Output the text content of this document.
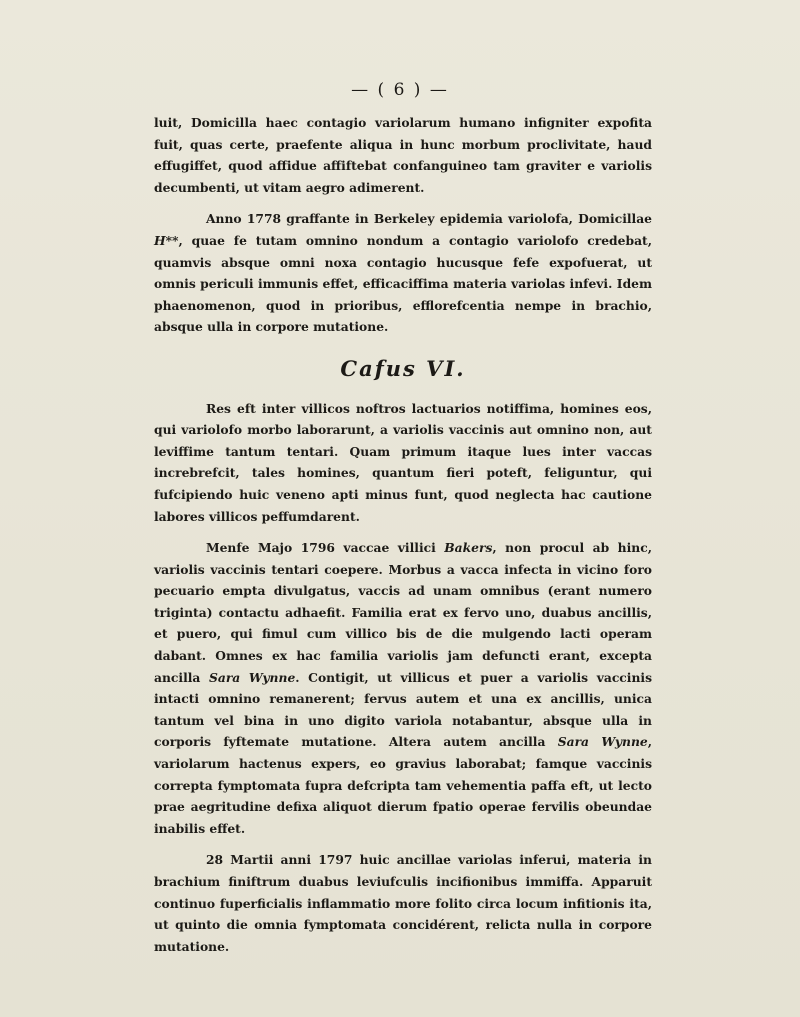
— ( 6 ) —

luit, Domicilla haec contagio variolarum humano infigniter expofita fuit, quas certe, praefente aliqua in hunc morbum proclivitate, haud effugiffet, quod affidue affiftebat confanguineo tam graviter e variolis decumbenti, ut vitam aegro adimerent.

Anno 1778 graffante in Berkeley epidemia variolofa, Domicillae H**, quae fe tutam omnino nondum a contagio variolofo credebat, quamvis absque omni noxa contagio hucusque fefe expofuerat, ut omnis periculi immunis effet, efficaciffima materia variolas infevi. Idem phaenomenon, quod in prioribus, efflorefcentia nempe in brachio, absque ulla in corpore mutatione.

Cafus VI.

Res eft inter villicos noftros lactuarios notiffima, homines eos, qui variolofo morbo laborarunt, a variolis vaccinis aut omnino non, aut leviffime tantum tentari. Quam primum itaque lues inter vaccas increbrefcit, tales homines, quantum fieri poteft, feliguntur, qui fufcipiendo huic veneno apti minus funt, quod neglecta hac cautione labores villicos peffumdarent.

Menfe Majo 1796 vaccae villici Bakers, non procul ab hinc, variolis vaccinis tentari coepere. Morbus a vacca infecta in vicino foro pecuario empta divulgatus, vaccis ad unam omnibus (erant numero triginta) contactu adhaefit. Familia erat ex fervo uno, duabus ancillis, et puero, qui fimul cum villico bis de die mulgendo lacti operam dabant. Omnes ex hac familia variolis jam defuncti erant, excepta ancilla Sara Wynne. Contigit, ut villicus et puer a variolis vaccinis intacti omnino remanerent; fervus autem et una ex ancillis, unica tantum vel bina in uno digito variola notabantur, absque ulla in corporis fyftemate mutatione. Altera autem ancilla Sara Wynne, variolarum hactenus expers, eo gravius laborabat; famque vaccinis correpta fymptomata fupra defcripta tam vehementia paffa eft, ut lecto prae aegritudine defixa aliquot dierum fpatio operae fervilis obeundae inabilis effet.

28 Martii anni 1797 huic ancillae variolas inferui, materia in brachium finiftrum duabus leviufculis incifionibus immiffa. Apparuit continuo fuperficialis inflammatio more folito circa locum infitionis ita, ut quinto die omnia fymptomata concidérent, relicta nulla in corpore mutatione.
